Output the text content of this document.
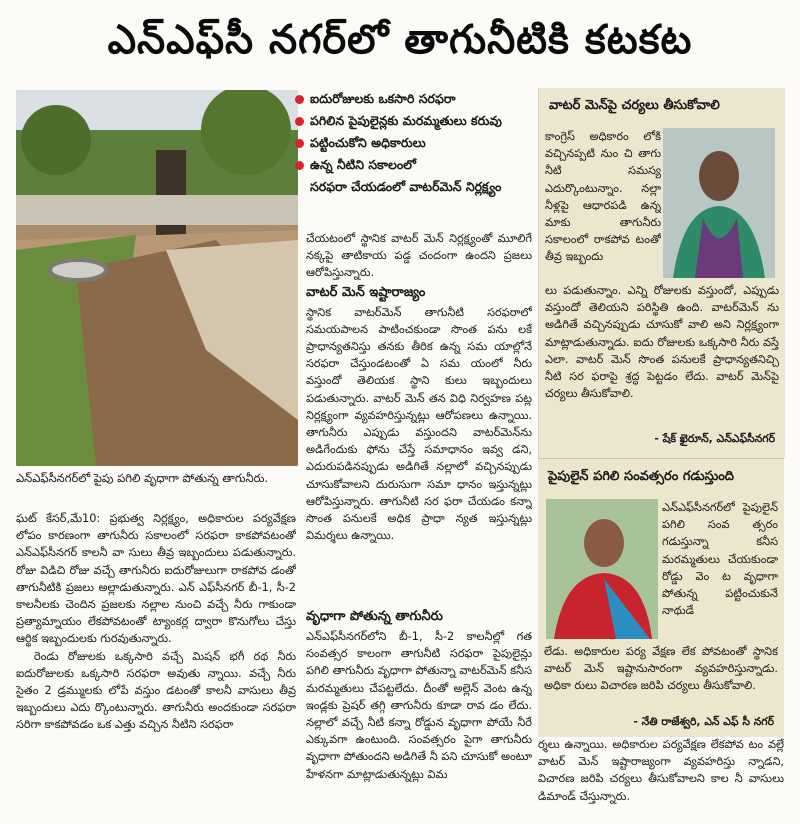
ఎన్ఎఫ్‌సీ నగర్‌లో తాగునీటికి కటకట
ఎన్ఎఫ్‌సీనగర్‌లో పైపు పగిలి వృధాగా పోతున్న తాగునీరు.
ఐదురోజులకు ఒకసారి సరఫరా
పగిలిన పైపులైన్లకు మరమ్మతులు కరువు
పట్టించుకోని అధికారులు
ఉన్న నీటిని సకాలంలో
సరఫరా చేయడంలో వాటర్‌మెన్ నిర్లక్ష్యం
చేయటంలో స్థానిక వాటర్ మెన్ నిర్లక్ష్యంతో మూలిగే నక్కపై తాటికాయ పడ్డ చందంగా ఉందని ప్రజలు ఆరోపిస్తున్నారు.
వాటర్ మెన్ ఇష్టారాజ్యం
స్థానిక వాటర్‌మెన్ తాగునీటి సరఫరాలో సమయపాలన పాటించకుండా సొంత పను లకే ప్రాధాన్యతనిస్తు తనకు తీరిక ఉన్న సమ యాల్లోనే సరఫరా చేస్తుండటంతో ఏ సమ యంలో నీరు వస్తుందో తెలియక స్థాని కులు ఇబ్బందులు పడుతున్నారు. వాటర్ మెన్ తన విధి నిర్వహణ పట్ల నిర్లక్ష్యంగా వ్యవహరిస్తున్నట్లు ఆరోపణలు ఉన్నాయి. తాగునీరు ఎప్పుడు వస్తుందని వాటర్‌మెన్‌ను అడిగేందుకు ఫోను చేస్తే సమాధానం ఇవ్వ డని, ఎదురుపడినప్పుడు అడిగితే నల్లాలో వచ్చినప్పుడు చూసుకోవాలని దురుసుగా సమా ధానం ఇస్తున్నట్లు ఆరోపిస్తున్నారు. తాగునీటి సర ఫరా చేయడం కన్నా సొంత పనులకే అధిక ప్రాధా న్యత ఇస్తున్నట్లు విమర్శలు ఉన్నాయి.
వృధాగా పోతున్న తాగునీరు
ఎన్ఎఫ్‌సీనగర్‌లోని బీ-1, సీ-2 కాలనీల్లో గత సంవత్సర కాలంగా తాగునీటి సరఫరా పైపులైన్లు పగిలి తాగునీరు వృధాగా పోతున్నా వాటర్‌మెన్ కనీస మరమ్మతులు చేపట్టలేదు. దీంతో అల్లెన్ వెంట ఉన్న ఇండ్లకు ప్రెషర్ తగ్గి తాగునీరు కూడా రావ డం లేదు. నల్లాలో వచ్చే నీటి కన్నా రోడ్డున వృధాగా పోయే నీరే ఎక్కువగా ఉంటుంది. సంవత్సరం పైగా తాగునీరు వృధాగా పోతుందని అడిగితే నీ పని చూసుకో అంటూ హేళనగా మాట్లాడుతున్నట్లు విమ
ఘట్ కేసర్,మే10: ప్రభుత్వ నిర్లక్ష్యం, అధికారుల పర్యవేక్షణ లోపం కారణంగా తాగునీరు సకాలంలో సరఫరా కాకపోవటంతో ఎన్ఎఫ్‌సీనగర్ కాలనీ వా సులు తీవ్ర ఇబ్బందులు పడుతున్నారు. రోజు విడిచి రోజు వచ్చే తాగునీరు ఐదురోజులుగా రాకపోవ డంతో తాగునీటికి ప్రజలు అల్లాడుతున్నారు. ఎన్ ఎఫ్‌సీనగర్ బీ-1, సీ-2 కాలనీలకు చెందిన ప్రజలకు నల్లాల నుంచి వచ్చే నీరు గాకుండా ప్రత్యామ్నాయం లేకపోవటంతో ట్యాంకర్ల ద్వారా కొనుగోలు చేస్తు ఆర్థిక ఇబ్బందులకు గురవుతున్నారు.
రెండు రోజులకు ఒక్కసారి వచ్చే మిషన్ భగీ రథ నీరు ఐదురోజులకు ఒక్కసారి సరఫరా అవుతు న్నాయి. వచ్చే నీరు సైతం 2 డ్రమ్ములకు లోపే వస్తుం డటంతో కాలనీ వాసులు తీవ్ర ఇబ్బందులు ఎదు ర్కొంటున్నారు. తాగునీరు అందకుండా సరఫరా సరిగా కాకపోవడం ఒక ఎత్తు వచ్చిన నీటిని సరఫరా
వాటర్ మెన్‌పై చర్యలు తీసుకోవాలి
కాంగ్రెస్ అధికారం లోకి వచ్చినప్పటి నుం చి తాగు నీటి సమస్య ఎదుర్కొంటున్నాం. నల్లా నీళ్లపై ఆధారపడి ఉన్న మాకు తాగునీరు సకాలంలో రాకపోవ టంతో తీవ్ర ఇబ్బందు
లు పడుతున్నాం. ఎన్ని రోజులకు వస్తుందో, ఎప్పుడు వస్తుందో తెలియని పరిస్థితి ఉంది. వాటర్‌మెన్ ను అడిగితే వచ్చినప్పుడు చూసుకో వాలి అని నిర్లక్ష్యంగా మాట్లాడుతున్నాడు. ఐదు రోజులకు ఒక్కసారి నీరు వస్తే ఎలా. వాటర్ మెన్ సొంత పనులకే ప్రాధాన్యతనిచ్చి నీటి సర ఫరాపై శ్రద్ధ పెట్టడం లేదు. వాటర్ మెన్‌పై చర్యలు తీసుకోవాలి.
- షేక్ ఖైరూన్, ఎన్ఎఫ్‌సీనగర్
పైపులైన్ పగిలి సంవత్సరం గడుస్తుంది
ఎన్ఎఫ్‌సీనగర్‌లో పైపులైన్ పగిలి సంవ త్సరం గడుస్తున్నా కనీస మరమ్మతులు చేయకుండా రోడ్డు వెం ట వృధాగా పోతున్న పట్టించుకునే నాథుడే
లేడు. అధికారుల పర్య వేక్షణ లేక పోవటంతో స్థానిక వాటర్ మెన్ ఇష్టానుసారంగా వ్యవహరిస్తున్నాడు. అధికా రులు విచారణ జరిపి చర్యలు తీసుకోవాలి.
- నేతి రాజేశ్వరి, ఎన్ ఎఫ్ సీ నగర్
ర్శలు ఉన్నాయి. అధికారుల పర్యవేక్షణ లేకపోవ టం వల్లే వాటర్ మెన్ ఇష్టారాజ్యంగా వ్యవహరిస్తు న్నాడని, విచారణ జరిపి చర్యలు తీసుకోవాలని కాల నీ వాసులు డిమాండ్ చేస్తున్నారు.
